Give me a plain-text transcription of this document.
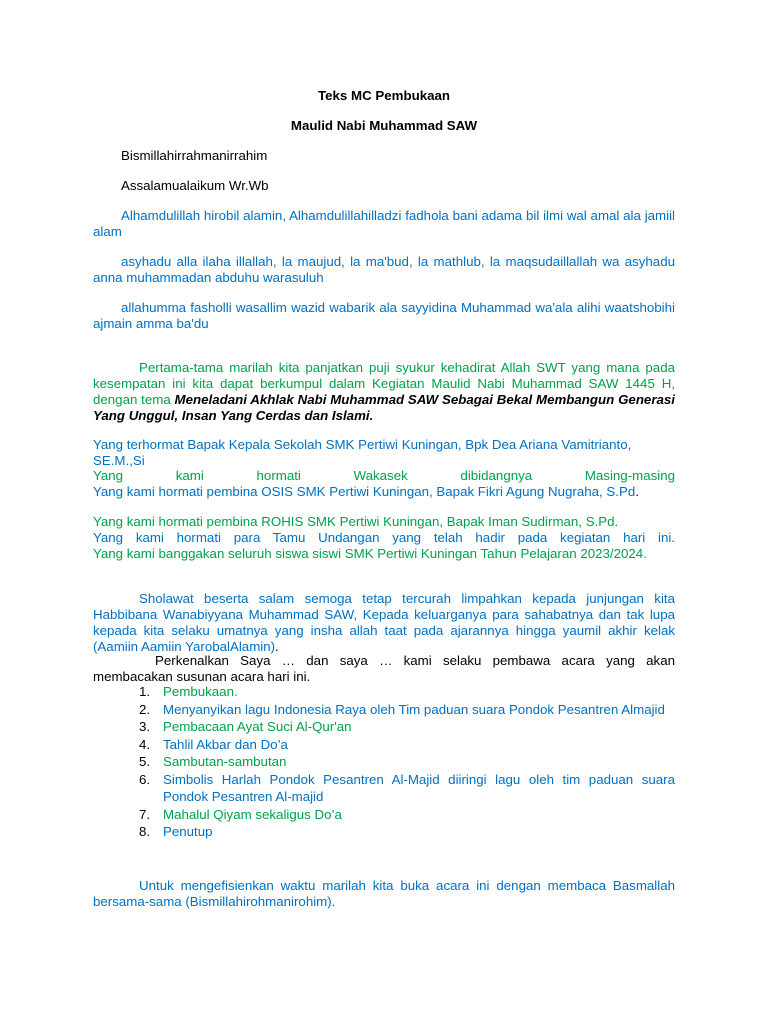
Teks MC Pembukaan
Maulid Nabi Muhammad SAW
Bismillahirrahmanirrahim
Assalamualaikum Wr.Wb
Alhamdulillah hirobil alamin, Alhamdulillahilladzi fadhola bani adama bil ilmi wal amal ala jamiil alam
asyhadu alla ilaha illallah, la maujud, la ma'bud, la mathlub, la maqsudaillallah wa asyhadu anna muhammadan abduhu warasuluh
allahumma fasholli wasallim wazid wabarik ala sayyidina Muhammad wa'ala alihi waatshobihi ajmain amma ba'du
Pertama-tama marilah kita panjatkan puji syukur kehadirat Allah SWT yang mana pada kesempatan ini kita dapat berkumpul dalam Kegiatan Maulid Nabi Muhammad SAW 1445 H, dengan tema Meneladani Akhlak Nabi Muhammad SAW Sebagai Bekal Membangun Generasi Yang Unggul, Insan Yang Cerdas dan Islami.
Yang terhormat Bapak Kepala Sekolah SMK Pertiwi Kuningan, Bpk Dea Ariana Vamitrianto, SE.M.,Si
Yang kami hormati Wakasek dibidangnya Masing-masing
Yang kami hormati pembina OSIS SMK Pertiwi Kuningan, Bapak Fikri Agung Nugraha, S.Pd.
Yang kami hormati pembina ROHIS SMK Pertiwi Kuningan, Bapak Iman Sudirman, S.Pd.
Yang kami hormati para Tamu Undangan yang telah hadir pada kegiatan hari ini.
Yang kami banggakan seluruh siswa siswi SMK Pertiwi Kuningan Tahun Pelajaran 2023/2024.
Sholawat beserta salam semoga tetap tercurah limpahkan kepada junjungan kita Habbibana Wanabiyyana Muhammad SAW, Kepada keluarganya para sahabatnya dan tak lupa kepada kita selaku umatnya yang insha allah taat pada ajarannya hingga yaumil akhir kelak (Aamiin Aamiin YarobalAlamin).
Perkenalkan Saya … dan saya … kami selaku pembawa acara yang akan membacakan susunan acara hari ini.
1. Pembukaan.
2. Menyanyikan lagu Indonesia Raya oleh Tim paduan suara Pondok Pesantren Almajid
3. Pembacaan Ayat Suci Al-Qur'an
4. Tahlil Akbar dan Do’a
5. Sambutan-sambutan
6. Simbolis Harlah Pondok Pesantren Al-Majid diiringi lagu oleh tim paduan suara Pondok Pesantren Al-majid
7. Mahalul Qiyam sekaligus Do’a
8. Penutup
Untuk mengefisienkan waktu marilah kita buka acara ini dengan membaca Basmallah bersama-sama (Bismillahirohmanirohim).
